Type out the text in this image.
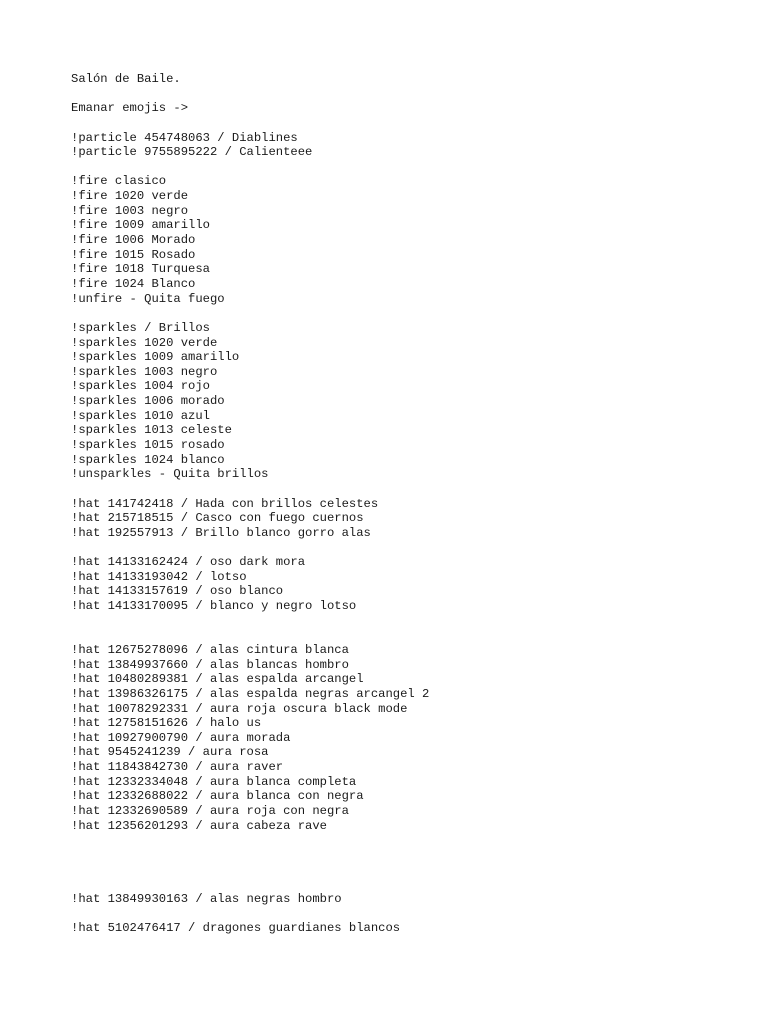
Salón de Baile.
Emanar emojis ->
!particle 454748063 / Diablines
!particle 9755895222 / Calienteee
!fire clasico
!fire 1020 verde
!fire 1003 negro
!fire 1009 amarillo
!fire 1006 Morado
!fire 1015 Rosado
!fire 1018 Turquesa
!fire 1024 Blanco
!unfire - Quita fuego
!sparkles / Brillos
!sparkles 1020 verde
!sparkles 1009 amarillo
!sparkles 1003 negro
!sparkles 1004 rojo
!sparkles 1006 morado
!sparkles 1010 azul
!sparkles 1013 celeste
!sparkles 1015 rosado
!sparkles 1024 blanco
!unsparkles - Quita brillos
!hat 141742418 / Hada con brillos celestes
!hat 215718515 / Casco con fuego cuernos
!hat 192557913 / Brillo blanco gorro alas
!hat 14133162424 / oso dark mora
!hat 14133193042 / lotso
!hat 14133157619 / oso blanco
!hat 14133170095 / blanco y negro lotso
!hat 12675278096 / alas cintura blanca
!hat 13849937660 / alas blancas hombro
!hat 10480289381 / alas espalda arcangel
!hat 13986326175 / alas espalda negras arcangel 2
!hat 10078292331 / aura roja oscura black mode
!hat 12758151626 / halo us
!hat 10927900790 / aura morada
!hat 9545241239 / aura rosa
!hat 11843842730 / aura raver
!hat 12332334048 / aura blanca completa
!hat 12332688022 / aura blanca con negra
!hat 12332690589 / aura roja con negra
!hat 12356201293 / aura cabeza rave
!hat 13849930163 / alas negras hombro
!hat 5102476417 / dragones guardianes blancos
